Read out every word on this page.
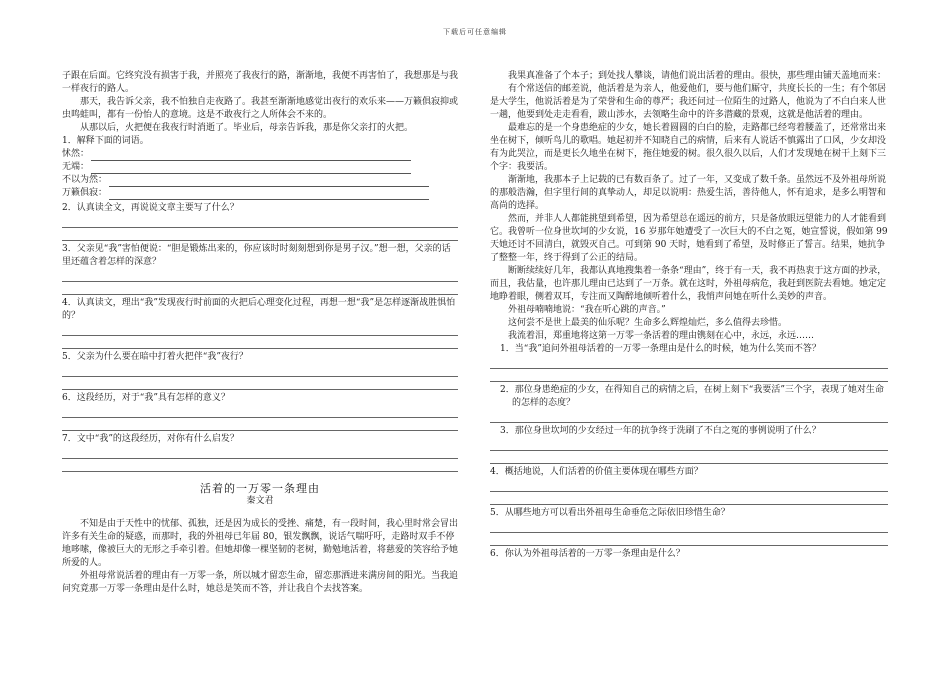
下载后可任意编辑

子跟在后面。它终究没有损害于我，并照亮了我夜行的路，渐渐地，我便不再害怕了，我想那是与我一样夜行的路人。

那天，我告诉父亲，我不怕独自走夜路了。我甚至渐渐地感觉出夜行的欢乐来——万籁俱寂抑或虫鸣蛙叫，都有一份怡人的意境。这是不敢夜行之人所体会不来的。

从那以后，火把便在我夜行时消逝了。毕业后，母亲告诉我，那是你父亲打的火把。

1．解释下面的词语。

怵然：
无端：
不以为然：
万籁俱寂：

2．认真读全文，再说说文章主要写了什么？

3．父亲见“我”害怕便说：“胆是锻炼出来的，你应该时时刻刻想到你是男子汉。”想一想，父亲的话里还蕴含着怎样的深意？

4．认真读文，理出“我”发现夜行时前面的火把后心理变化过程，再想一想“我”是怎样逐渐战胜惧怕的？

5．父亲为什么要在暗中打着火把伴“我”夜行？

6．这段经历，对于“我”具有怎样的意义？

7．文中“我”的这段经历，对你有什么启发？

活着的一万零一条理由
秦文君

不知是由于天性中的忧郁、孤独，还是因为成长的受挫、痛楚，有一段时间，我心里时常会冒出许多有关生命的疑惑，而那时，我的外祖母已年届 80，银发飘飘，说话气喘吁吁，走路时双手不停地哆嗦，像被巨大的无形之手牵引着。但她却像一棵坚韧的老树，勤勉地活着，将慈爱的笑容给予她所爱的人。

外祖母常说活着的理由有一万零一条，所以城才留恋生命，留恋那洒进来满房间的阳光。当我追问究竟那一万零一条理由是什么时，她总是笑而不答，并让我自个去找答案。

我果真准备了个本子；到处找人攀谈，请他们说出活着的理由。很快，那些理由铺天盖地而来：

有个常送信的邮差说，他活着是为亲人，他爱他们，要与他们厮守，共度长长的一生；有个邻居是大学生，他说活着是为了荣誉和生命的尊严；我还问过一位陌生的过路人，他说为了不白白来人世一趟，他要到处走走看看，跋山涉水，去领略生命中的许多潜藏的景观，这就是他活着的理由。

最难忘的是一个身患绝症的少女，她长着圆圆的白白的脸，走路都已经弯着腰盖了，还常常出来坐在树下，倾听鸟儿的歌唱。她起初并不知晓自己的病情，后来有人说话不慎露出了口风，少女却没有为此哭泣，而是更长久地坐在树下，拖住她爱的树。很久很久以后，人们才发现她在树干上刻下三个字：我要活。

渐渐地，我那本子上记载的已有数百条了。过了一年，又变成了数千条。虽然远不及外祖母所说的那般浩瀚，但字里行间的真挚动人，却足以说明：热爱生活，善待他人，怀有追求，是多么明智和高尚的选择。

然而，并非人人都能挑望到希望，因为希望总在遥远的前方，只是备放眼远望能力的人才能看到它。我曾听一位身世坎坷的少女说，16 岁那年她遭受了一次巨大的不白之冤，她宣誓说，假如第 99 天她还讨不回清白，就毁灭自己。可到第 90 天时，她看到了希望，及时修正了誓言。结果，她抗争了整整一年，终于得到了公正的结局。

断断续续好几年，我都认真地搜集着一条条“理由”，终于有一天，我不再热衷于这方面的抄录，而且，我估量，也许那儿理由已达到了一万条。就在这时，外祖母病危，我赶到医院去看她。她定定地睁着眼，侧着双耳，专注而又陶醉地倾听着什么，我悄声问她在听什么美妙的声音。

外祖母喃喃地说：“我在听心跳的声音。”

这何尝不是世上最美的仙乐呢？生命多么辉煌灿烂，多么值得去珍惜。

我流着泪，郑重地将这第一万零一条活着的理由镌刻在心中，永远，永远……

1．当“我”追问外祖母活着的一万零一条理由是什么的时候，她为什么笑而不答？

2．那位身患绝症的少女，在得知自己的病情之后，在树上刻下“我要活”三个字，表现了她对生命的怎样的态度？

3．那位身世坎坷的少女经过一年的抗争终于洗刷了不白之冤的事例说明了什么？

4．概括地说，人们活着的价值主要体现在哪些方面？

5．从哪些地方可以看出外祖母生命垂危之际依旧珍惜生命？

6．你认为外祖母活着的一万零一条理由是什么？
